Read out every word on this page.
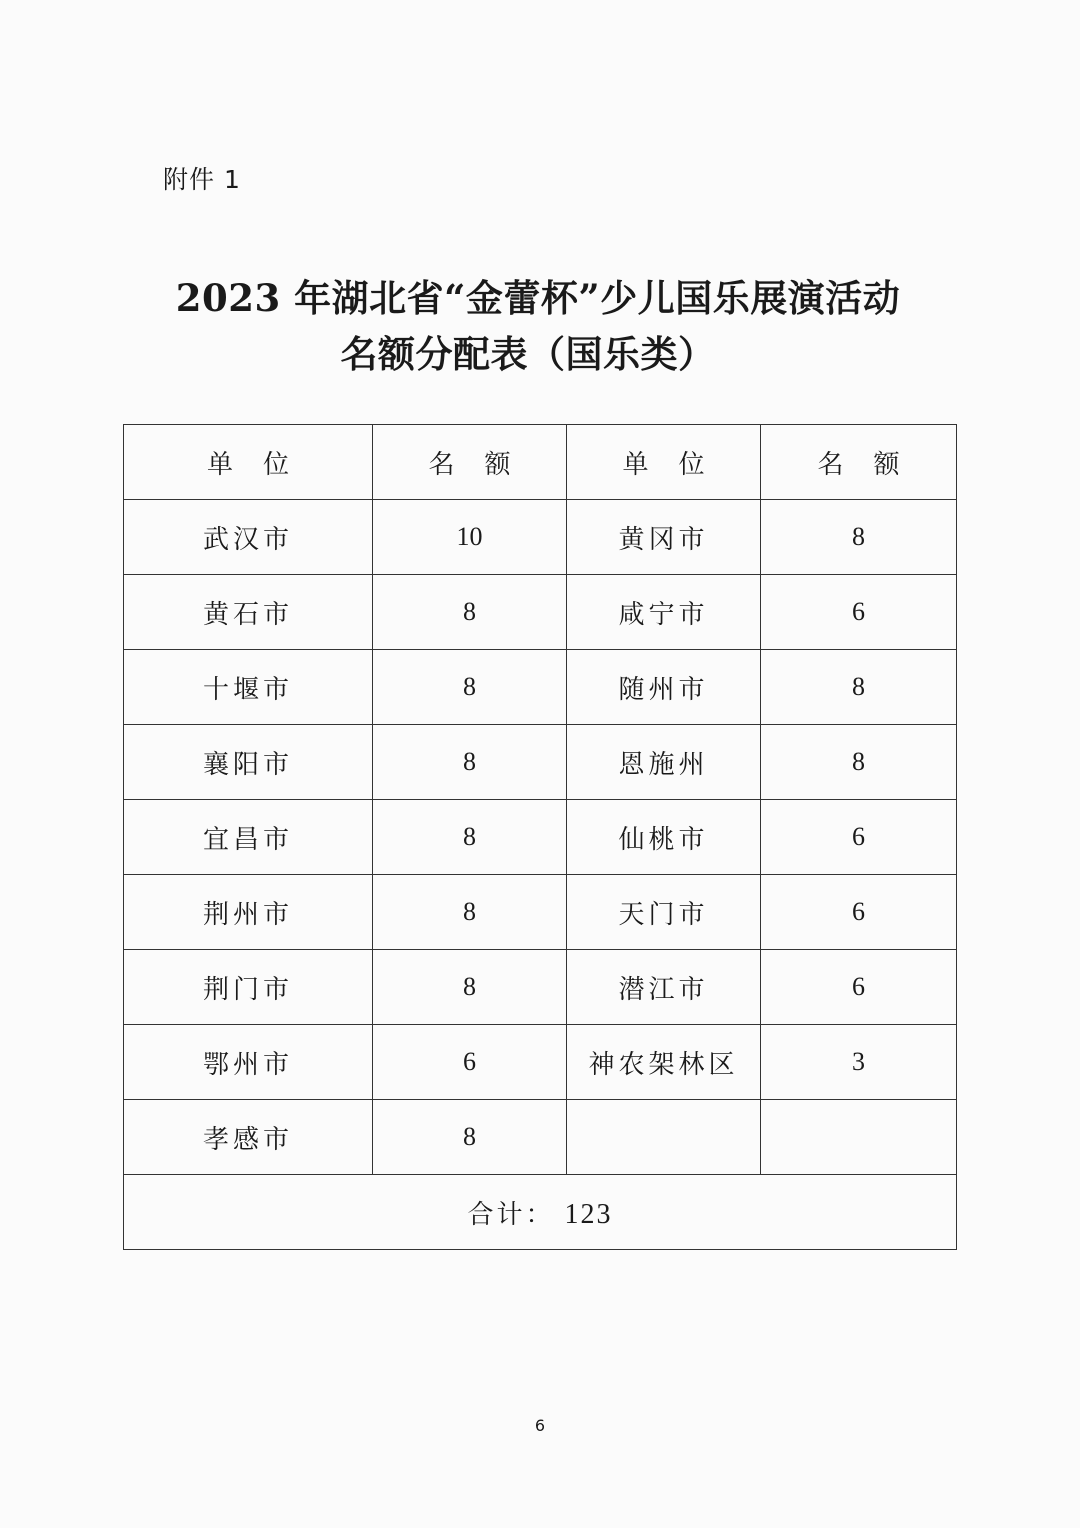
附件 1
2023 年湖北省“金蕾杯”少儿国乐展演活动
名额分配表（国乐类）
单位	名额	单位	名额
武汉市	10	黄冈市	8
黄石市	8	咸宁市	6
十堰市	8	随州市	8
襄阳市	8	恩施州	8
宜昌市	8	仙桃市	6
荆州市	8	天门市	6
荆门市	8	潜江市	6
鄂州市	6	神农架林区	3
孝感市	8		
合计： 123			
6
